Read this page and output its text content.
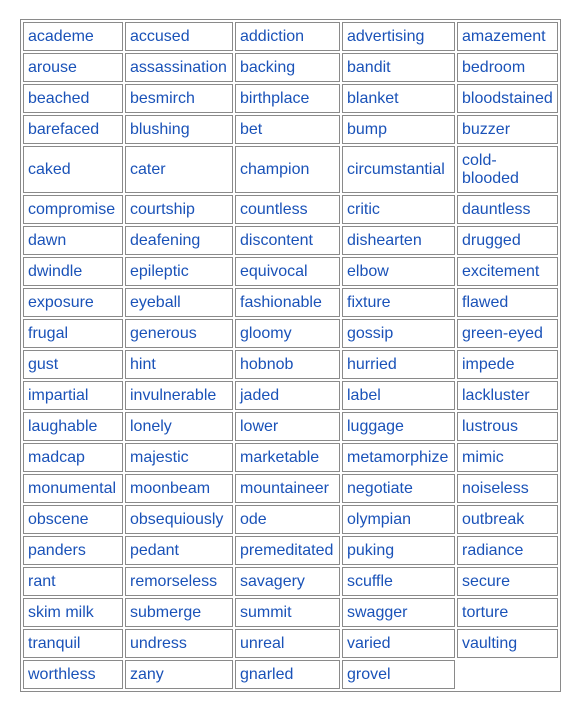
academe	accused	addiction	advertising	amazement
arouse	assassination	backing	bandit	bedroom
beached	besmirch	birthplace	blanket	bloodstained
barefaced	blushing	bet	bump	buzzer
caked	cater	champion	circumstantial	cold-blooded
compromise	courtship	countless	critic	dauntless
dawn	deafening	discontent	dishearten	drugged
dwindle	epileptic	equivocal	elbow	excitement
exposure	eyeball	fashionable	fixture	flawed
frugal	generous	gloomy	gossip	green-eyed
gust	hint	hobnob	hurried	impede
impartial	invulnerable	jaded	label	lackluster
laughable	lonely	lower	luggage	lustrous
madcap	majestic	marketable	metamorphize	mimic
monumental	moonbeam	mountaineer	negotiate	noiseless
obscene	obsequiously	ode	olympian	outbreak
panders	pedant	premeditated	puking	radiance
rant	remorseless	savagery	scuffle	secure
skim milk	submerge	summit	swagger	torture
tranquil	undress	unreal	varied	vaulting
worthless	zany	gnarled	grovel	
